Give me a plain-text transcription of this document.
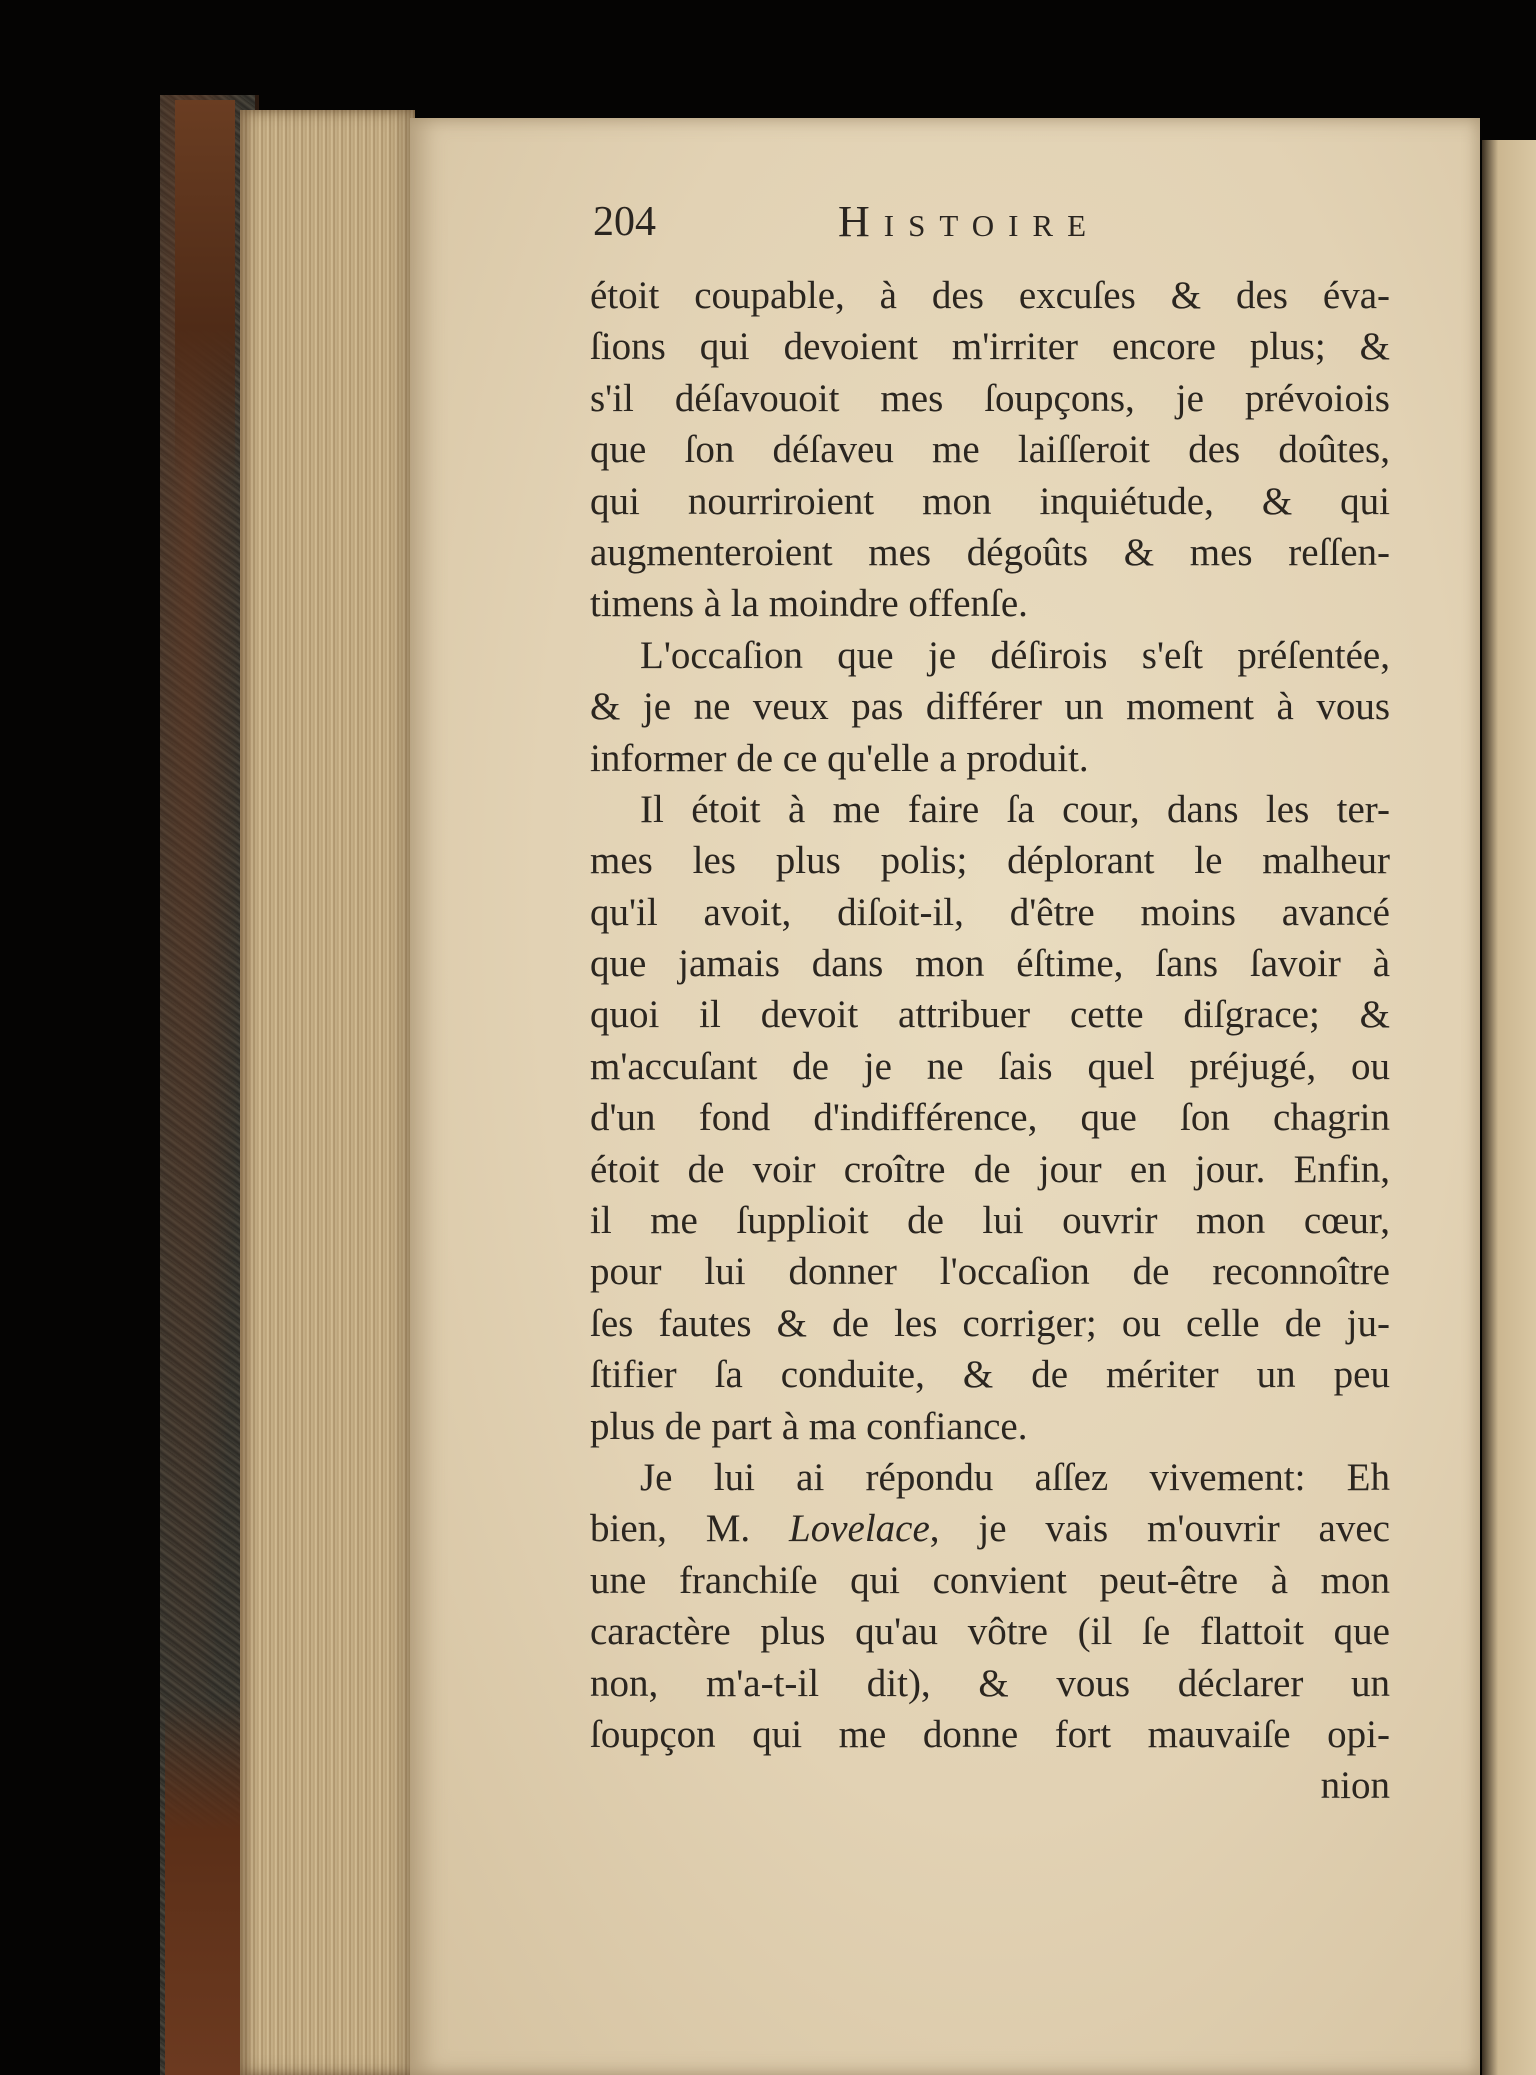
204	Histoire
étoit coupable, à des excuſes & des éva-
ſions qui devoient m'irriter encore plus; &
s'il déſavouoit mes ſoupçons, je prévoiois
que ſon déſaveu me laiſſeroit des doûtes,
qui nourriroient mon inquiétude, & qui
augmenteroient mes dégoûts & mes reſſen-
timens à la moindre offenſe.
L'occaſion que je déſirois s'eſt préſentée,
& je ne veux pas différer un moment à vous
informer de ce qu'elle a produit.
Il étoit à me faire ſa cour, dans les ter-
mes les plus polis; déplorant le malheur
qu'il avoit, diſoit-il, d'être moins avancé
que jamais dans mon éſtime, ſans ſavoir à
quoi il devoit attribuer cette diſgrace; &
m'accuſant de je ne ſais quel préjugé, ou
d'un fond d'indifférence, que ſon chagrin
étoit de voir croître de jour en jour. Enfin,
il me ſupplioit de lui ouvrir mon cœur,
pour lui donner l'occaſion de reconnoître
ſes fautes & de les corriger; ou celle de ju-
ſtifier ſa conduite, & de mériter un peu
plus de part à ma confiance.
Je lui ai répondu aſſez vivement: Eh
bien, M. Lovelace, je vais m'ouvrir avec
une franchiſe qui convient peut-être à mon
caractère plus qu'au vôtre (il ſe flattoit que
non, m'a-t-il dit), & vous déclarer un
ſoupçon qui me donne fort mauvaiſe opi-
nion
